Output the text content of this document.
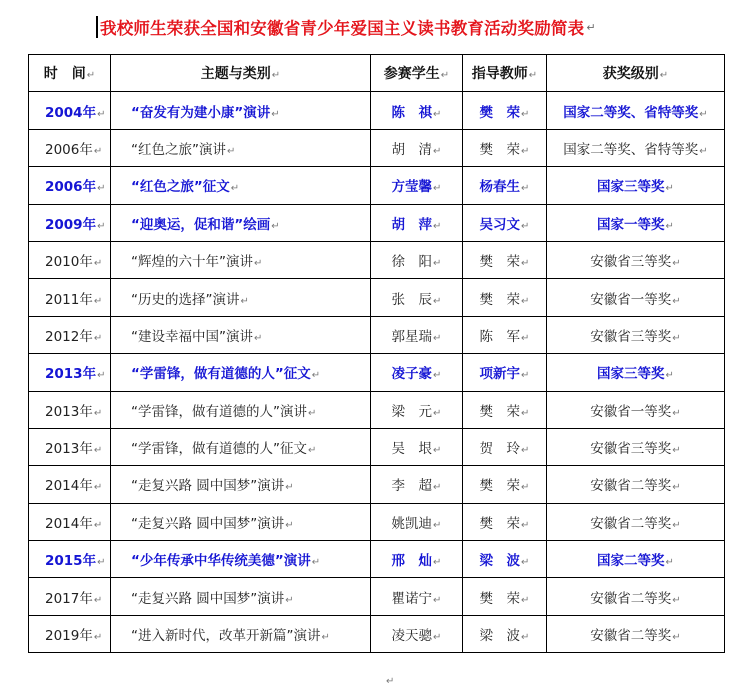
我校师生荣获全国和安徽省青少年爱国主义读书教育活动奖励简表 ↵
时　间↵	主题与类别↵	参赛学生↵	指导教师↵	获奖级别↵
2004年↵	“奋发有为建小康”演讲↵	陈　祺↵	樊　荣↵	国家二等奖、省特等奖↵
2006年↵	“红色之旅”演讲↵	胡　清↵	樊　荣↵	国家二等奖、省特等奖↵
2006年↵	“红色之旅”征文↵	方莹馨↵	杨春生↵	国家三等奖↵
2009年↵	“迎奥运，促和谐”绘画↵	胡　萍↵	吴习文↵	国家一等奖↵
2010年↵	“辉煌的六十年”演讲↵	徐　阳↵	樊　荣↵	安徽省三等奖↵
2011年↵	“历史的选择”演讲↵	张　辰↵	樊　荣↵	安徽省一等奖↵
2012年↵	“建设幸福中国”演讲↵	郭星瑞↵	陈　军↵	安徽省三等奖↵
2013年↵	“学雷锋，做有道德的人”征文↵	凌子豪↵	项新宇↵	国家三等奖↵
2013年↵	“学雷锋，做有道德的人”演讲↵	梁　元↵	樊　荣↵	安徽省一等奖↵
2013年↵	“学雷锋，做有道德的人”征文↵	吴　垠↵	贺　玲↵	安徽省三等奖↵
2014年↵	“走复兴路 圆中国梦”演讲↵	李　超↵	樊　荣↵	安徽省二等奖↵
2014年↵	“走复兴路 圆中国梦”演讲↵	姚凯迪↵	樊　荣↵	安徽省二等奖↵
2015年↵	“少年传承中华传统美德”演讲↵	邢　灿↵	梁　波↵	国家二等奖↵
2017年↵	“走复兴路 圆中国梦”演讲↵	瞿诺宁↵	樊　荣↵	安徽省二等奖↵
2019年↵	“进入新时代，改革开新篇”演讲↵	凌天骢↵	梁　波↵	安徽省二等奖↵
↵
